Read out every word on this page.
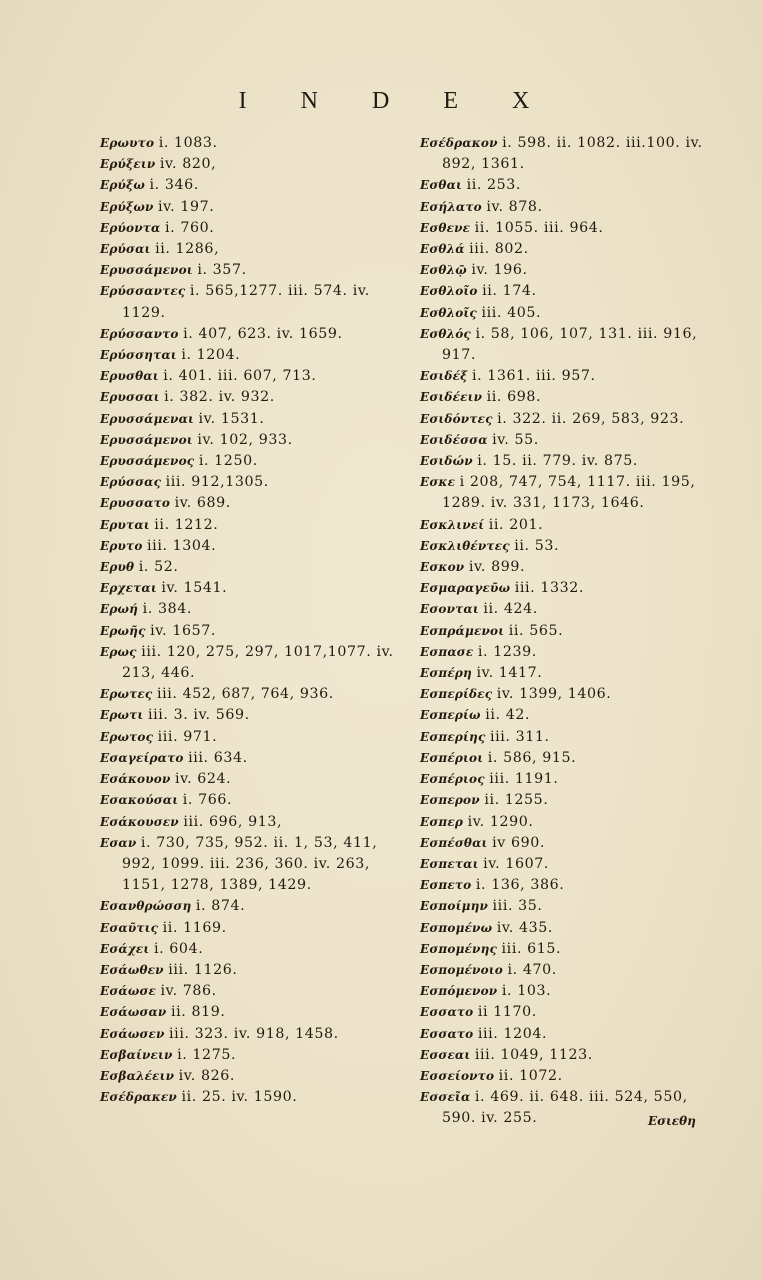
I N D E X

Ερωυτο i. 1083.

Ερύξειν iv. 820,

Ερύξω i. 346.

Ερύξων iv. 197.

Ερύοντα i. 760.

Ερύσαι ii. 1286,

Ερυσσάμενοι i. 357.

Ερύσσαντες i. 565,1277. iii. 574. iv. 1129.

Ερύσσαντο i. 407, 623. iv. 1659.

Ερύσσηται i. 1204.

Ερυσθαι i. 401. iii. 607, 713.

Ερυσσαι i. 382. iv. 932.

Ερυσσάμεναι iv. 1531.

Ερυσσάμενοι iv. 102, 933.

Ερυσσάμενος i. 1250.

Ερύσσας iii. 912,1305.

Ερυσσατο iv. 689.

Ερυται ii. 1212.

Ερυτο iii. 1304.

Ερυθ i. 52.

Ερχεται iv. 1541.

Ερωή i. 384.

Ερωῆς iv. 1657.

Ερως iii. 120, 275, 297, 1017,1077. iv. 213, 446.

Ερωτες iii. 452, 687, 764, 936.

Ερωτι iii. 3. iv. 569.

Ερωτος iii. 971.

Εσαγείρατο iii. 634.

Εσάκουον iv. 624.

Εσακούσαι i. 766.

Εσάκουσεν iii. 696, 913,

Εσαν i. 730, 735, 952. ii. 1, 53, 411, 992, 1099. iii. 236, 360. iv. 263, 1151, 1278, 1389, 1429.

Εσανθρώσση i. 874.

Εσαῦτις ii. 1169.

Εσάχει i. 604.

Εσάωθεν iii. 1126.

Εσάωσε iv. 786.

Εσάωσαν ii. 819.

Εσάωσεν iii. 323. iv. 918, 1458.

Εσβαίνειν i. 1275.

Εσβαλέειν iv. 826.

Εσέδρακεν ii. 25. iv. 1590.

Εσέδρακον i. 598. ii. 1082. iii.100. iv. 892, 1361.

Εσθαι ii. 253.

Εσήλατο iv. 878.

Εσθενε ii. 1055. iii. 964.

Εσθλά iii. 802.

Εσθλῷ iv. 196.

Εσθλοῖο ii. 174.

Εσθλοῖς iii. 405.

Εσθλός i. 58, 106, 107, 131. iii. 916, 917.

Εσιδέξ i. 1361. iii. 957.

Εσιδέειν ii. 698.

Εσιδόντες i. 322. ii. 269, 583, 923.

Εσιδέσσα iv. 55.

Εσιδών i. 15. ii. 779. iv. 875.

Εσκε i 208, 747, 754, 1117. iii. 195, 1289. iv. 331, 1173, 1646.

Εσκλινεί ii. 201.

Εσκλιθέντες ii. 53.

Εσκον iv. 899.

Εσμαραγεῦω iii. 1332.

Εσονται ii. 424.

Εσπράμενοι ii. 565.

Εσπασε i. 1239.

Εσπέρη iv. 1417.

Εσπερίδες iv. 1399, 1406.

Εσπερίω ii. 42.

Εσπερίης iii. 311.

Εσπέριοι i. 586, 915.

Εσπέριος iii. 1191.

Εσπερον ii. 1255.

Εσπερ iv. 1290.

Εσπέσθαι iv 690.

Εσπεται iv. 1607.

Εσπετο i. 136, 386.

Εσποίμην iii. 35.

Εσπομένω iv. 435.

Εσπομένης iii. 615.

Εσπομένοιο i. 470.

Εσπόμενον i. 103.

Εσσατο ii 1170.

Εσσατο iii. 1204.

Εσσεαι iii. 1049, 1123.

Εσσείοντο ii. 1072.

Εσσεῖα i. 469. ii. 648. iii. 524, 550, 590. iv. 255.	Εσιεθη
